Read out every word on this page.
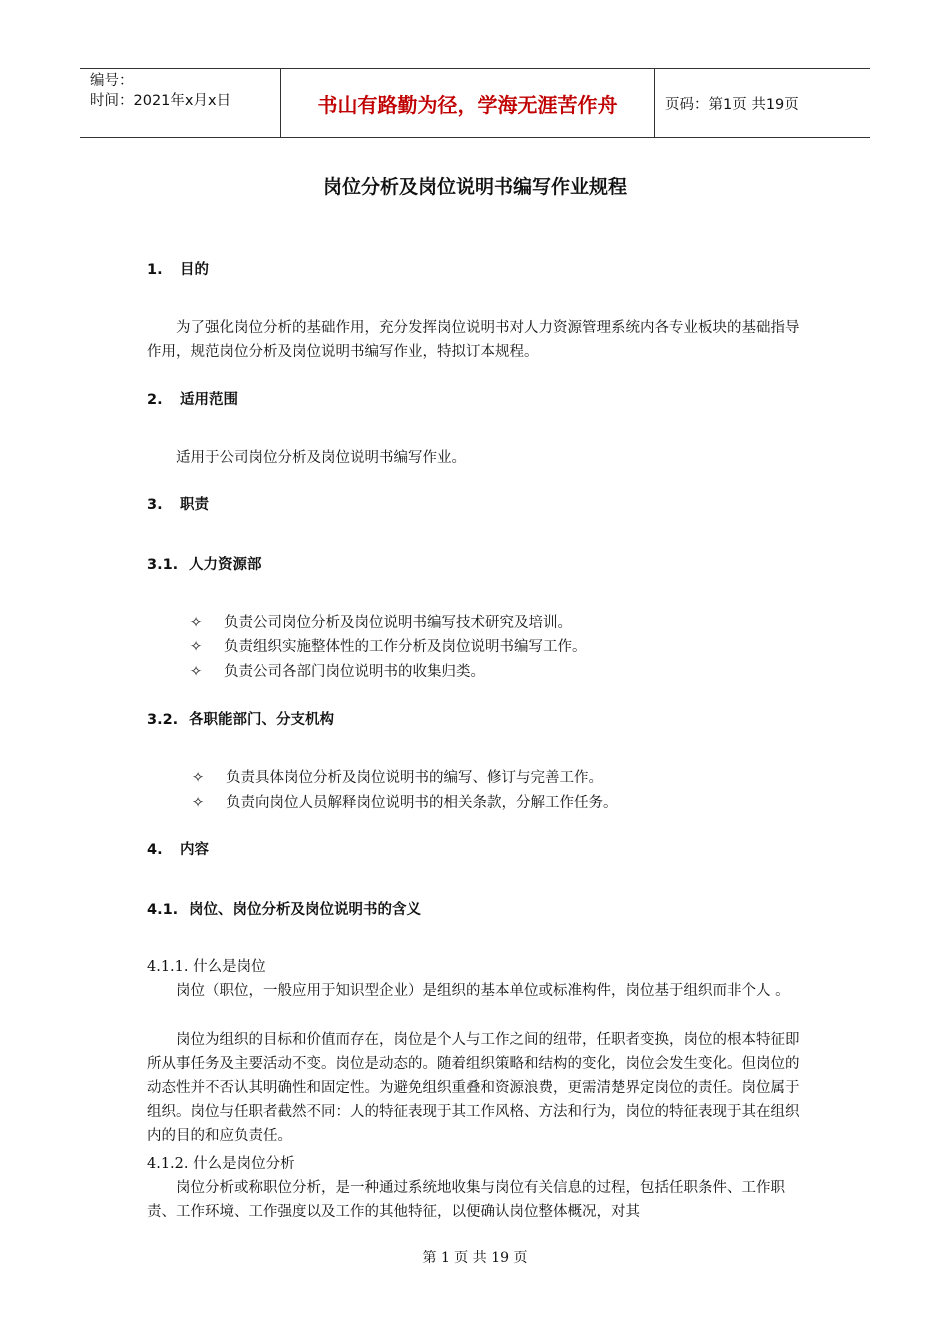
编号：
时间：2021年x月x日	书山有路勤为径，学海无涯苦作舟	页码：第1页 共19页
岗位分析及岗位说明书编写作业规程
1. 目的
为了强化岗位分析的基础作用，充分发挥岗位说明书对人力资源管理系统内各专业板块的基础指导作用，规范岗位分析及岗位说明书编写作业，特拟订本规程。
2. 适用范围
适用于公司岗位分析及岗位说明书编写作业。
3. 职责
3.1. 人力资源部
✧ 负责公司岗位分析及岗位说明书编写技术研究及培训。
✧ 负责组织实施整体性的工作分析及岗位说明书编写工作。
✧ 负责公司各部门岗位说明书的收集归类。
3.2. 各职能部门、分支机构
✧ 负责具体岗位分析及岗位说明书的编写、修订与完善工作。
✧ 负责向岗位人员解释岗位说明书的相关条款，分解工作任务。
4. 内容
4.1. 岗位、岗位分析及岗位说明书的含义
4.1.1. 什么是岗位
岗位（职位，一般应用于知识型企业）是组织的基本单位或标准构件，岗位基于组织而非个人 。
岗位为组织的目标和价值而存在，岗位是个人与工作之间的纽带，任职者变换，岗位的根本特征即所从事任务及主要活动不变。岗位是动态的。随着组织策略和结构的变化，岗位会发生变化。但岗位的动态性并不否认其明确性和固定性。为避免组织重叠和资源浪费，更需清楚界定岗位的责任。岗位属于组织。岗位与任职者截然不同：人的特征表现于其工作风格、方法和行为，岗位的特征表现于其在组织内的目的和应负责任。
4.1.2. 什么是岗位分析
岗位分析或称职位分析，是一种通过系统地收集与岗位有关信息的过程，包括任职条件、工作职责、工作环境、工作强度以及工作的其他特征，以便确认岗位整体概况，对其
第 1 页 共 19 页
